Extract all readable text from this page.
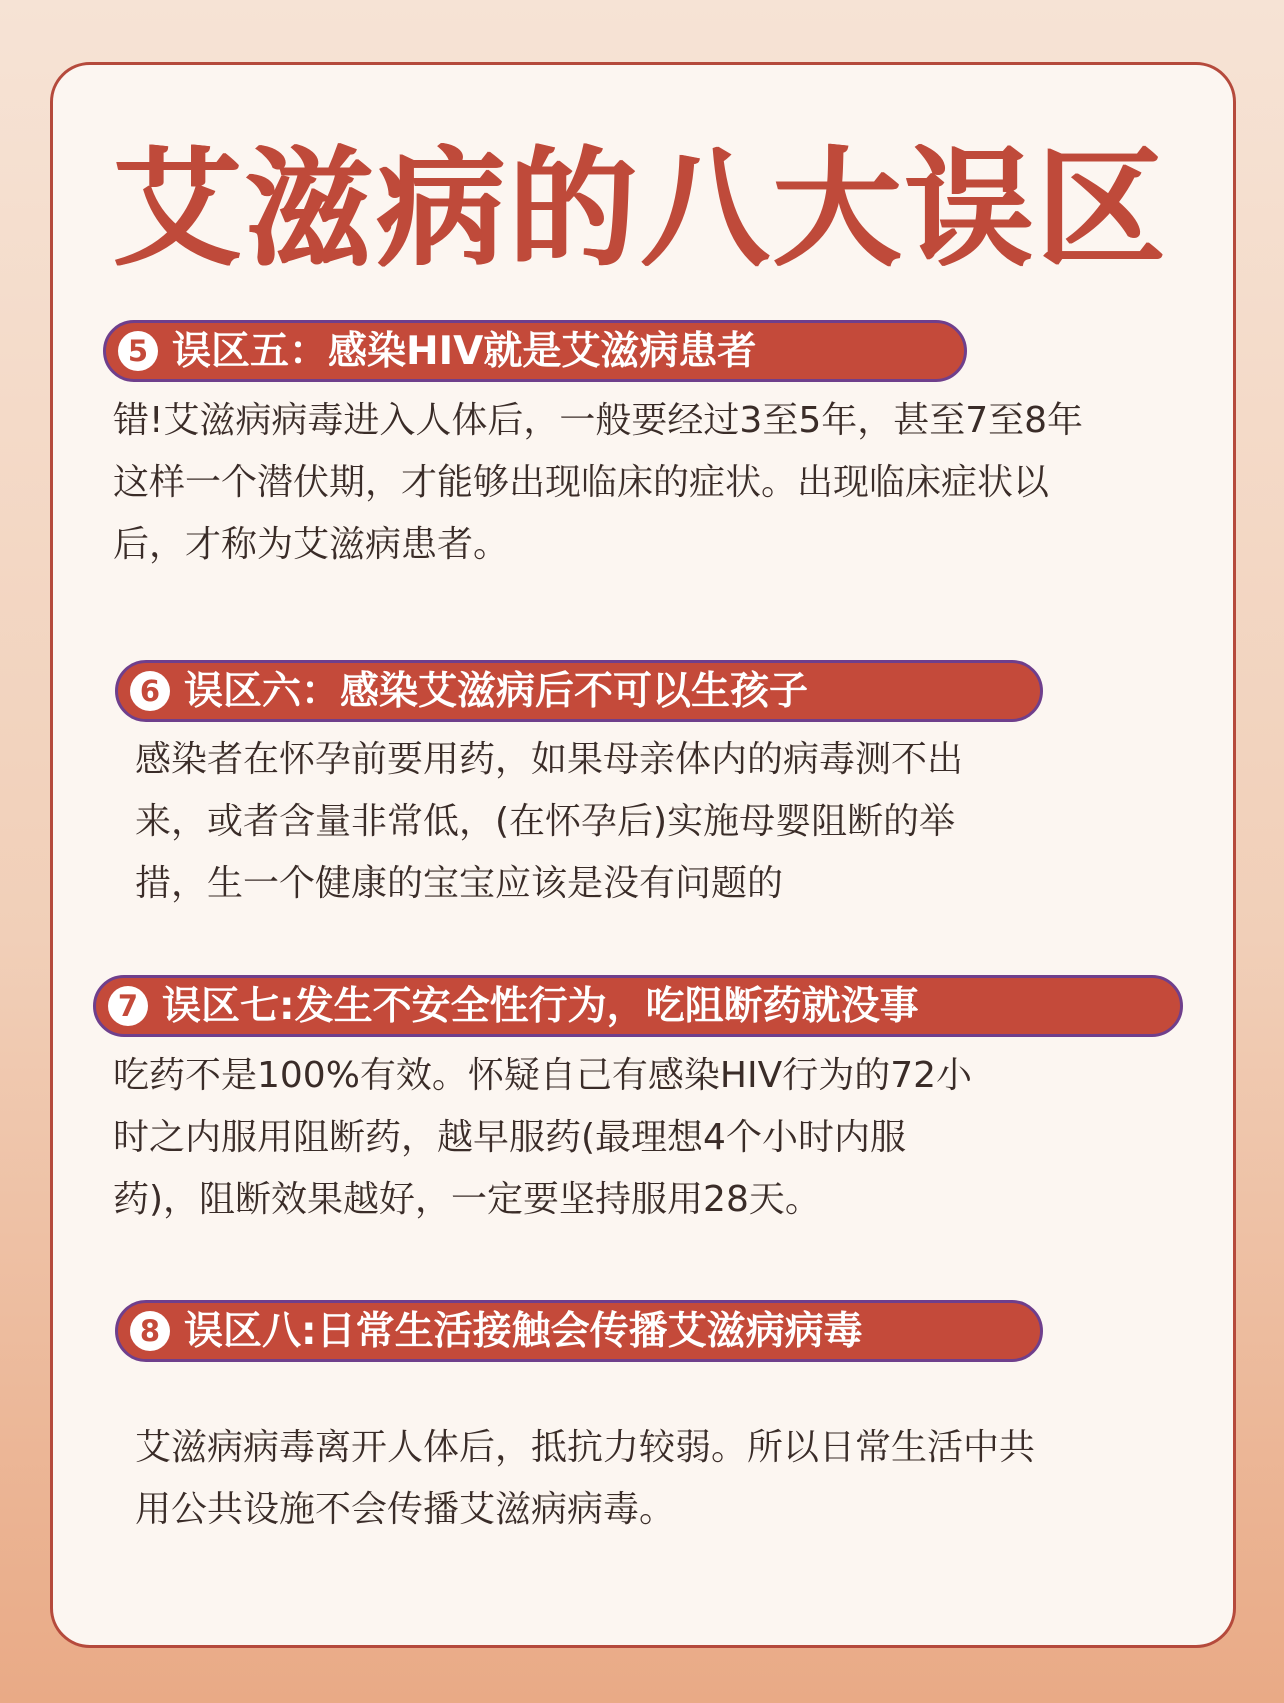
艾滋病的八大误区
5 误区五：感染HIV就是艾滋病患者
错!艾滋病病毒进入人体后，一般要经过3至5年，甚至7至8年
这样一个潜伏期，才能够出现临床的症状。出现临床症状以
后，才称为艾滋病患者。
6 误区六：感染艾滋病后不可以生孩子
感染者在怀孕前要用药，如果母亲体内的病毒测不出
来，或者含量非常低，(在怀孕后)实施母婴阻断的举
措，生一个健康的宝宝应该是没有问题的
7 误区七:发生不安全性行为，吃阻断药就没事
吃药不是100%有效。怀疑自己有感染HIV行为的72小
时之内服用阻断药，越早服药(最理想4个小时内服
药)，阻断效果越好，一定要坚持服用28天。
8 误区八:日常生活接触会传播艾滋病病毒
艾滋病病毒离开人体后，抵抗力较弱。所以日常生活中共
用公共设施不会传播艾滋病病毒。
